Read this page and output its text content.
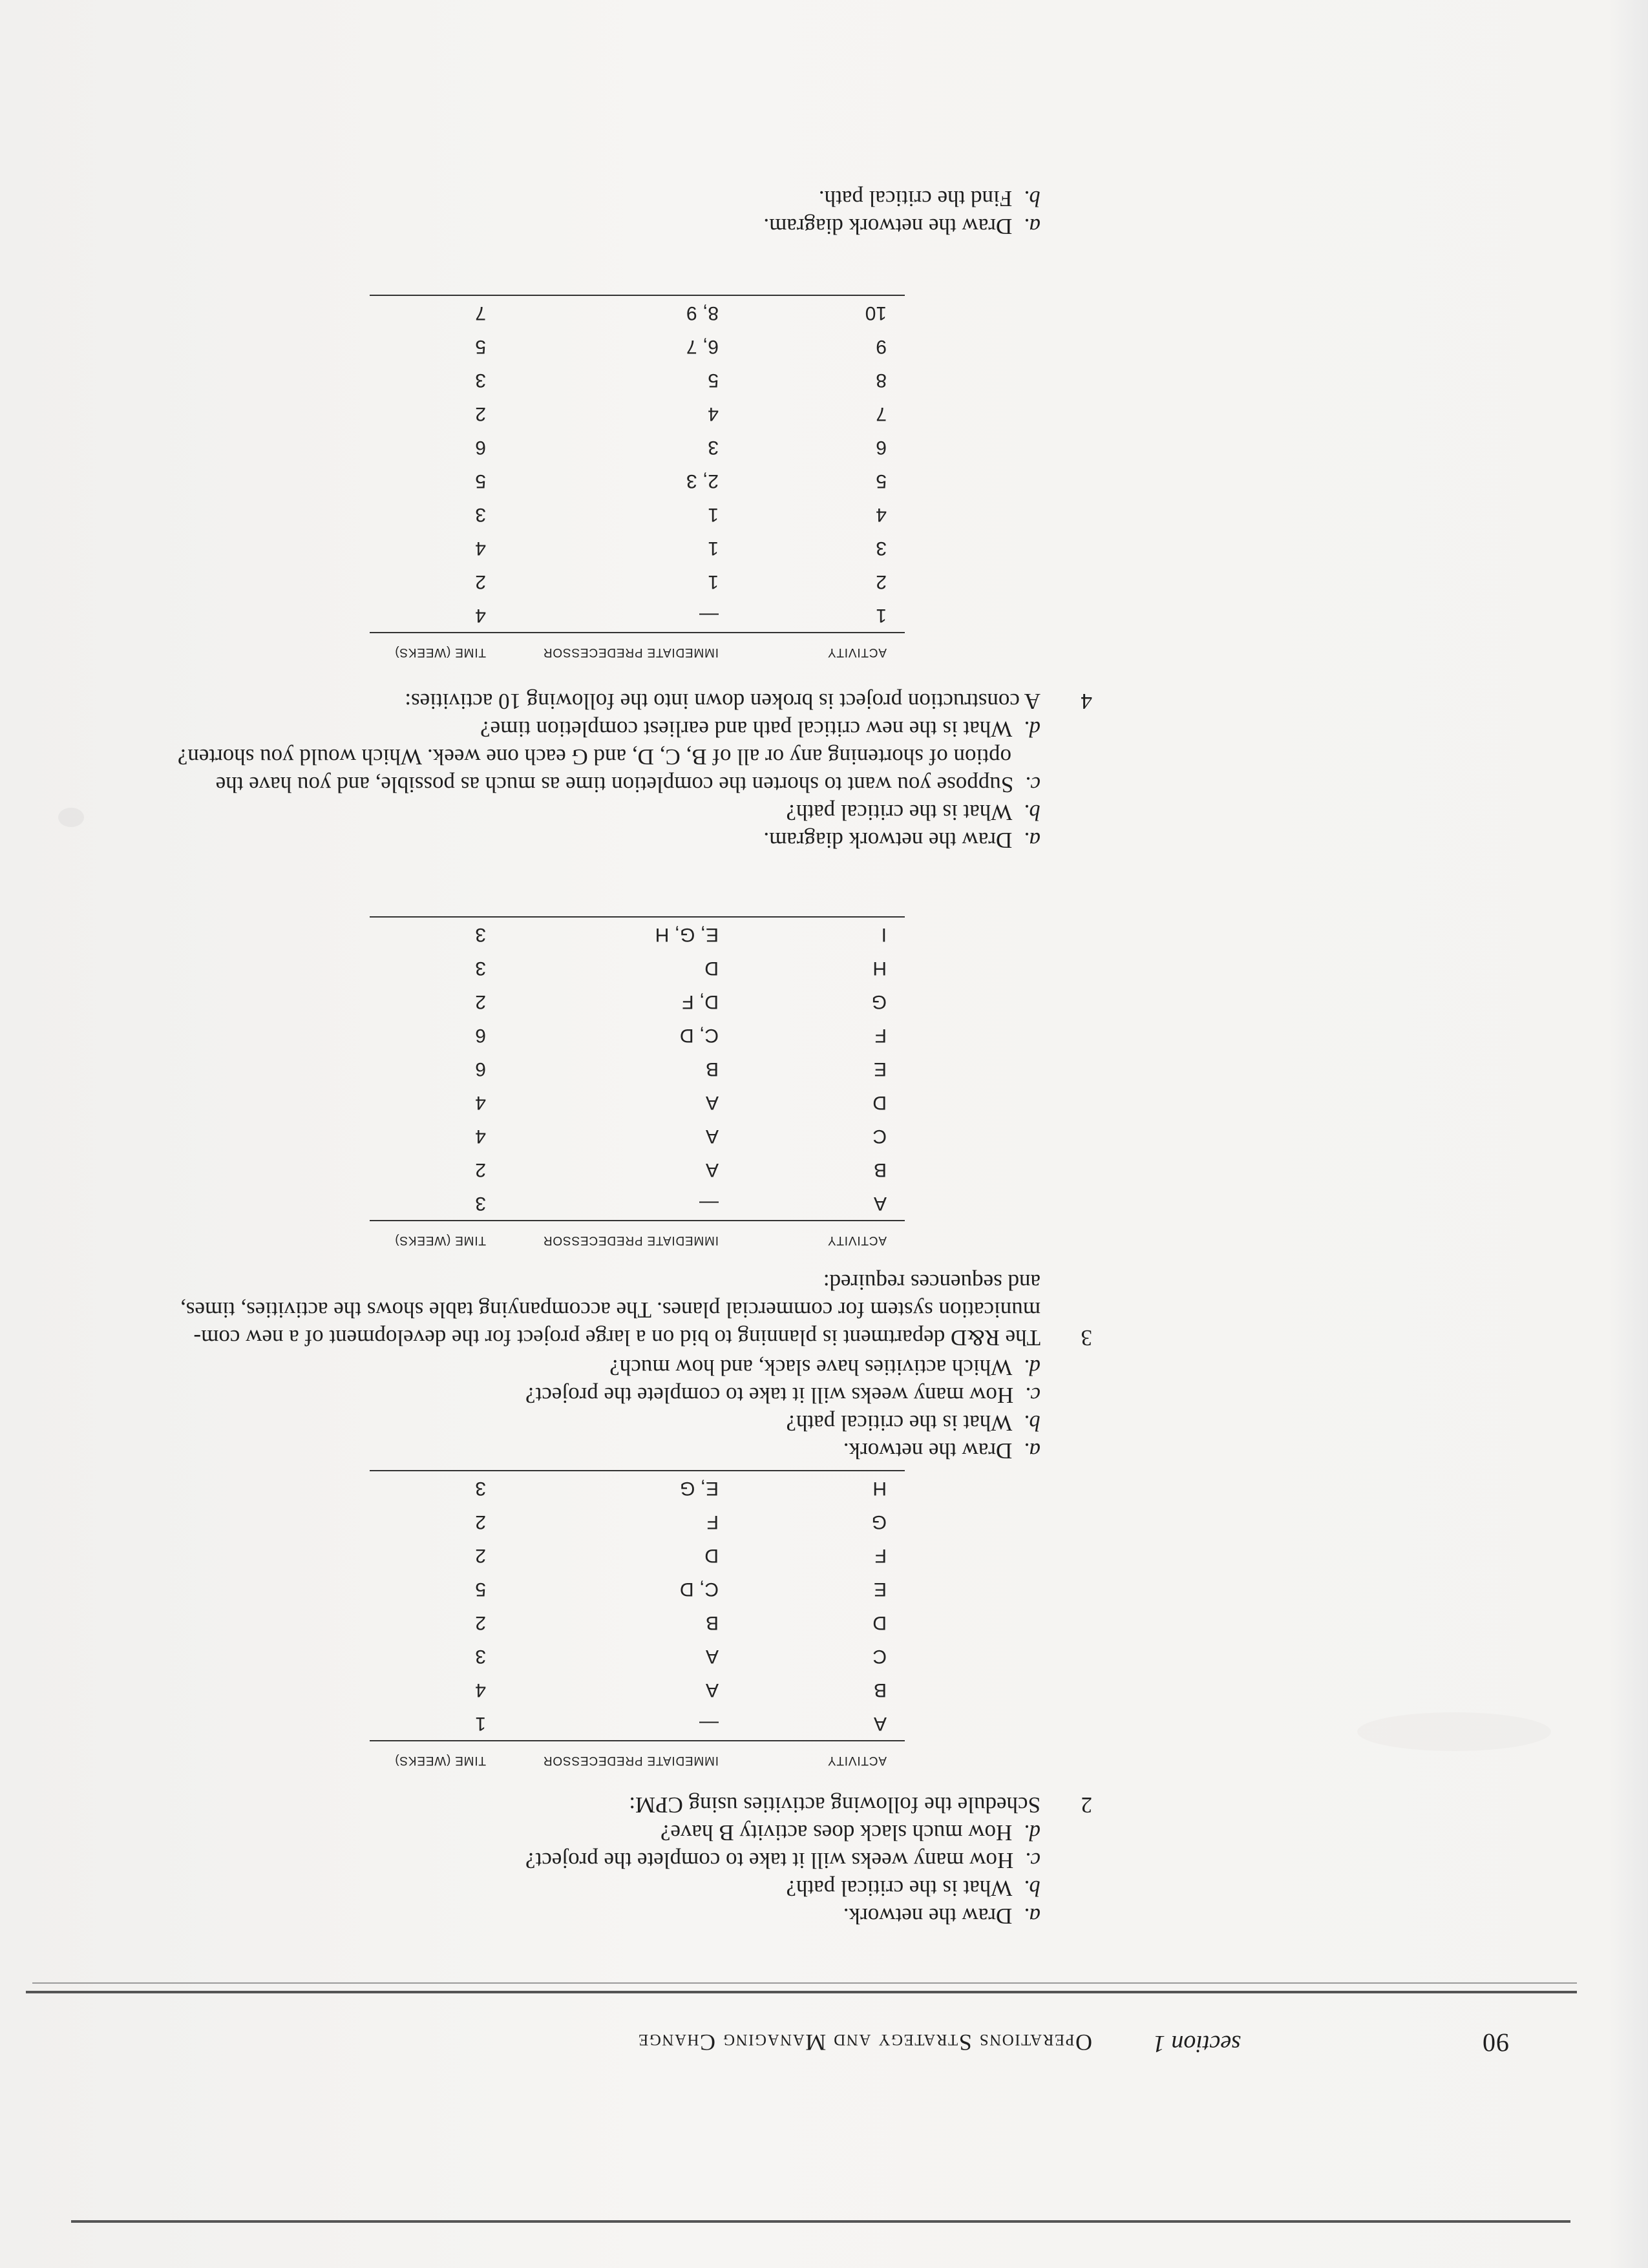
90
section 1
Operations Strategy and Managing Change
a.  Draw the network.
b.  What is the critical path?
c.  How many weeks will it take to complete the project?
d.  How much slack does activity B have?
2
Schedule the following activities using CPM:
ACTIVITY	IMMEDIATE PREDECESSOR	TIME (WEEKS)
A	—	1
B	A	4
C	A	3
D	B	2
E	C, D	5
F	D	2
G	F	2
H	E, G	3
a.  Draw the network.
b.  What is the critical path?
c.  How many weeks will it take to complete the project?
d.  Which activities have slack, and how much?
3
The R&D department is planning to bid on a large project for the development of a new com-
munication system for commercial planes. The accompanying table shows the activities, times,
and sequences required:
ACTIVITY	IMMEDIATE PREDECESSOR	TIME (WEEKS)
A	—	3
B	A	2
C	A	4
D	A	4
E	B	6
F	C, D	6
G	D, F	2
H	D	3
I	E, G, H	3
a.  Draw the network diagram.
b.  What is the critical path?
c.  Suppose you want to shorten the completion time as much as possible, and you have the
option of shortening any or all of B, C, D, and G each one week. Which would you shorten?
d.  What is the new critical path and earliest completion time?
4
A construction project is broken down into the following 10 activities:
ACTIVITY	IMMEDIATE PREDECESSOR	TIME (WEEKS)
1	—	4
2	1	2
3	1	4
4	1	3
5	2, 3	5
6	3	6
7	4	2
8	5	3
9	6, 7	5
10	8, 9	7
a.  Draw the network diagram.
b.  Find the critical path.
